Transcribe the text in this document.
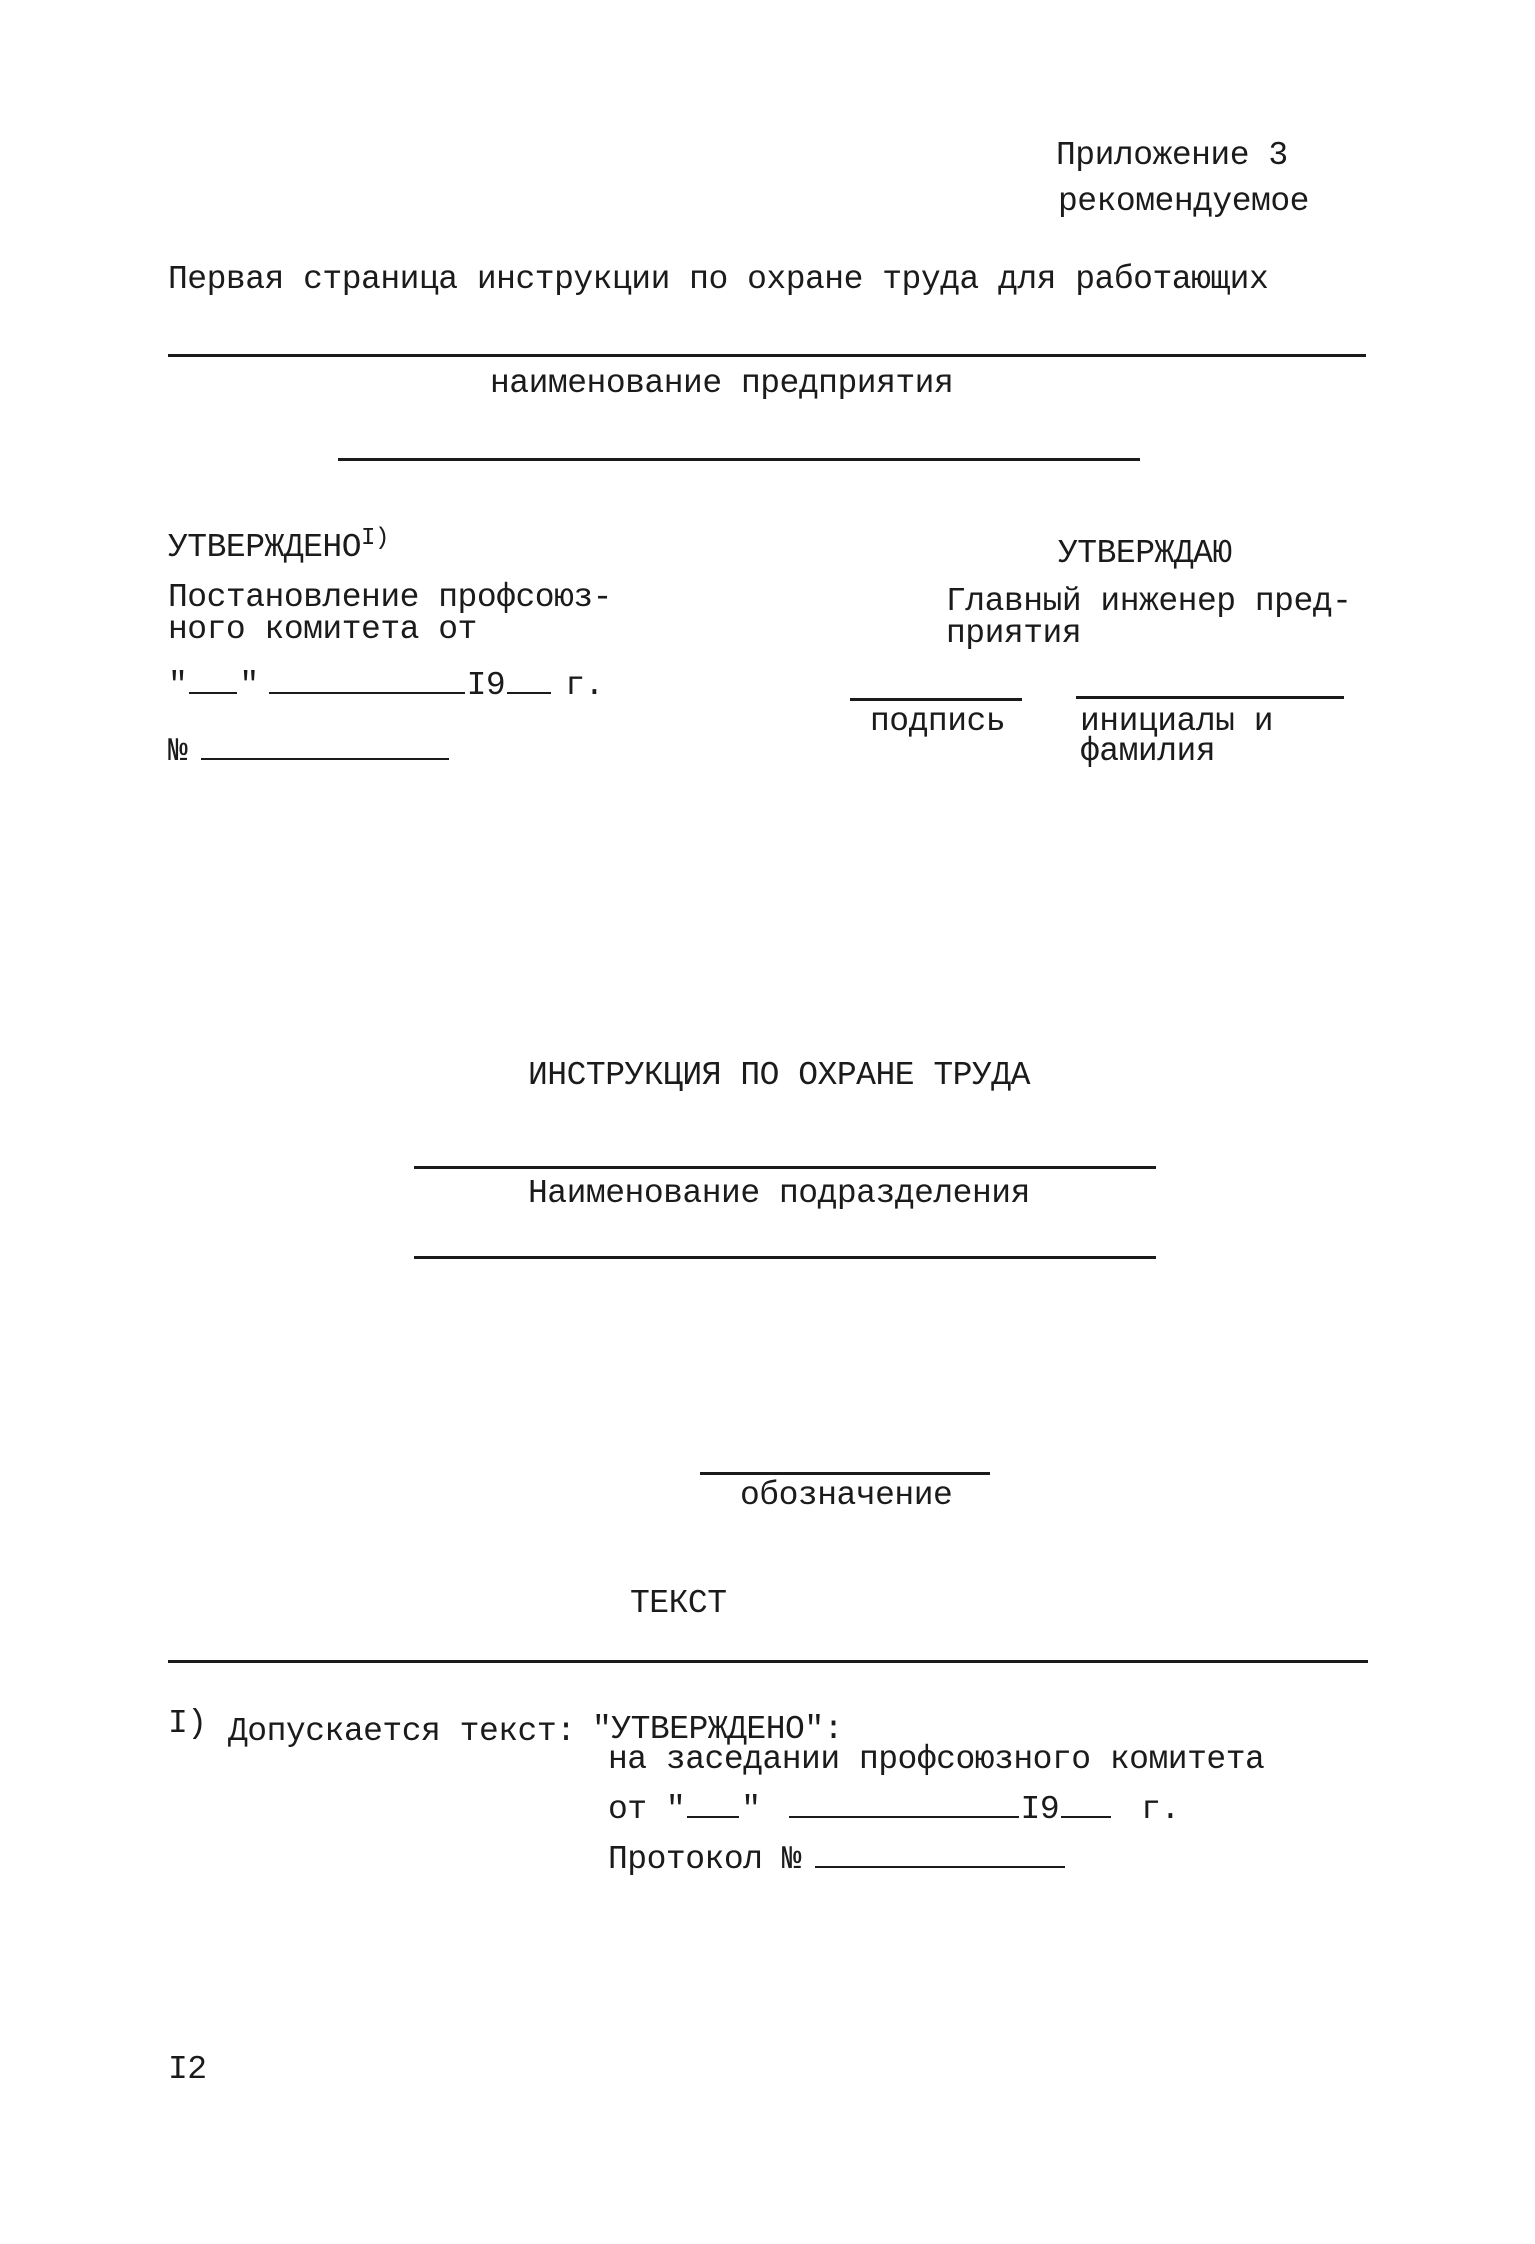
Приложение 3
рекомендуемое
Первая страница инструкции по охране труда для работающих
наименование предприятия
УТВЕРЖДЕНО$^{I)}$
Постановление профсоюз-
ного комитета от
" "	I9 г.
№
УТВЕРЖДАЮ
Главный инженер пред-
приятия
подпись инициалы и
фамилия
ИНСТРУКЦИЯ ПО ОХРАНЕ ТРУДА
Наименование подразделения
обозначение
ТЕКСТ
I) Допускается текст: "УТВЕРЖДЕНО":
на заседании профсоюзного комитета
от " "	I9 г.
Протокол №
I2
